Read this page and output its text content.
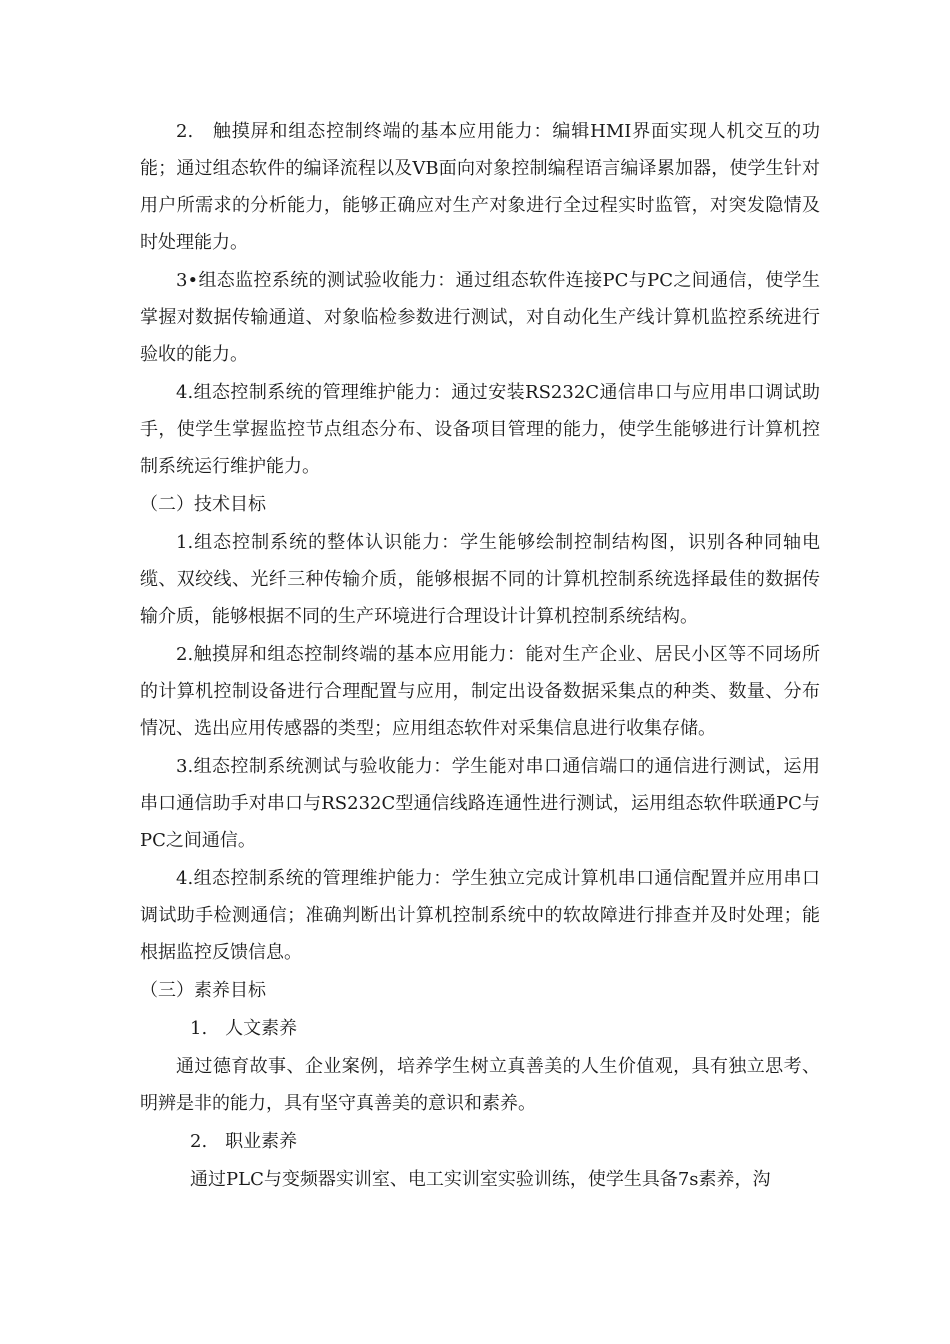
2.　触摸屏和组态控制终端的基本应用能力：编辑HMI界面实现人机交互的功能；通过组态软件的编译流程以及VB面向对象控制编程语言编译累加器，使学生针对用户所需求的分析能力，能够正确应对生产对象进行全过程实时监管，对突发隐情及时处理能力。

3•组态监控系统的测试验收能力：通过组态软件连接PC与PC之间通信，使学生掌握对数据传输通道、对象临检参数进行测试，对自动化生产线计算机监控系统进行验收的能力。

4.组态控制系统的管理维护能力：通过安装RS232C通信串口与应用串口调试助手，使学生掌握监控节点组态分布、设备项目管理的能力，使学生能够进行计算机控制系统运行维护能力。

（二）技术目标

1.组态控制系统的整体认识能力：学生能够绘制控制结构图，识别各种同轴电缆、双绞线、光纤三种传输介质，能够根据不同的计算机控制系统选择最佳的数据传输介质，能够根据不同的生产环境进行合理设计计算机控制系统结构。

2.触摸屏和组态控制终端的基本应用能力：能对生产企业、居民小区等不同场所的计算机控制设备进行合理配置与应用，制定出设备数据采集点的种类、数量、分布情况、选出应用传感器的类型；应用组态软件对采集信息进行收集存储。

3.组态控制系统测试与验收能力：学生能对串口通信端口的通信进行测试，运用串口通信助手对串口与RS232C型通信线路连通性进行测试，运用组态软件联通PC与PC之间通信。

4.组态控制系统的管理维护能力：学生独立完成计算机串口通信配置并应用串口调试助手检测通信；准确判断出计算机控制系统中的软故障进行排查并及时处理；能根据监控反馈信息。

（三）素养目标

1.　人文素养

通过德育故事、企业案例，培养学生树立真善美的人生价值观，具有独立思考、明辨是非的能力，具有坚守真善美的意识和素养。

2.　职业素养

通过PLC与变频器实训室、电工实训室实验训练，使学生具备7s素养，沟
